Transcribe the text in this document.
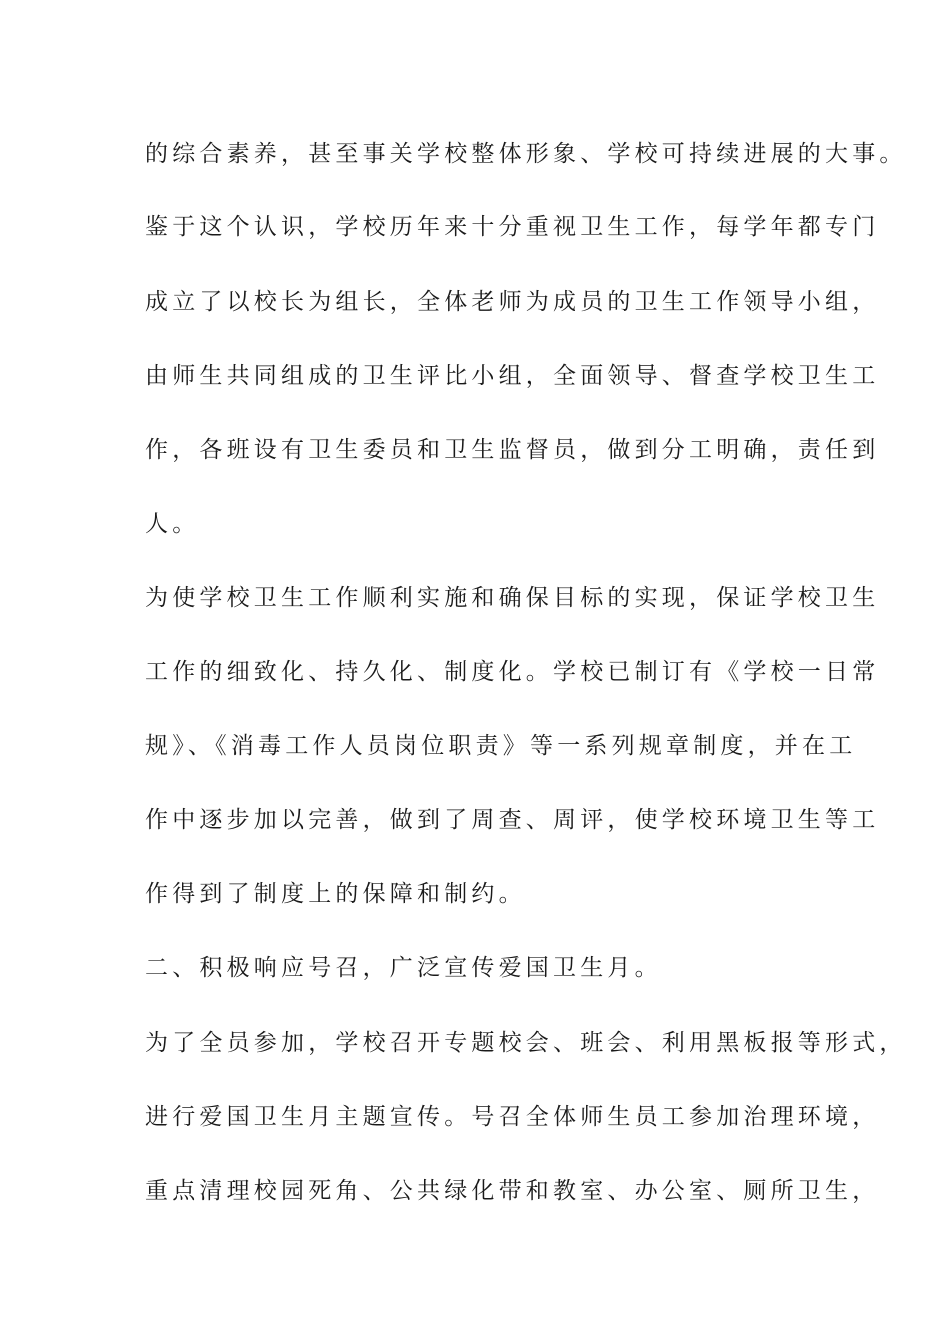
的综合素养，甚至事关学校整体形象、学校可持续进展的大事。
鉴于这个认识，学校历年来十分重视卫生工作，每学年都专门
成立了以校长为组长，全体老师为成员的卫生工作领导小组，
由师生共同组成的卫生评比小组，全面领导、督查学校卫生工
作，各班设有卫生委员和卫生监督员，做到分工明确，责任到
人。
为使学校卫生工作顺利实施和确保目标的实现，保证学校卫生
工作的细致化、持久化、制度化。学校已制订有《学校一日常
规》、《消毒工作人员岗位职责》等一系列规章制度，并在工
作中逐步加以完善，做到了周查、周评，使学校环境卫生等工
作得到了制度上的保障和制约。
二、积极响应号召，广泛宣传爱国卫生月。
为了全员参加，学校召开专题校会、班会、利用黑板报等形式，
进行爱国卫生月主题宣传。号召全体师生员工参加治理环境，
重点清理校园死角、公共绿化带和教室、办公室、厕所卫生，
